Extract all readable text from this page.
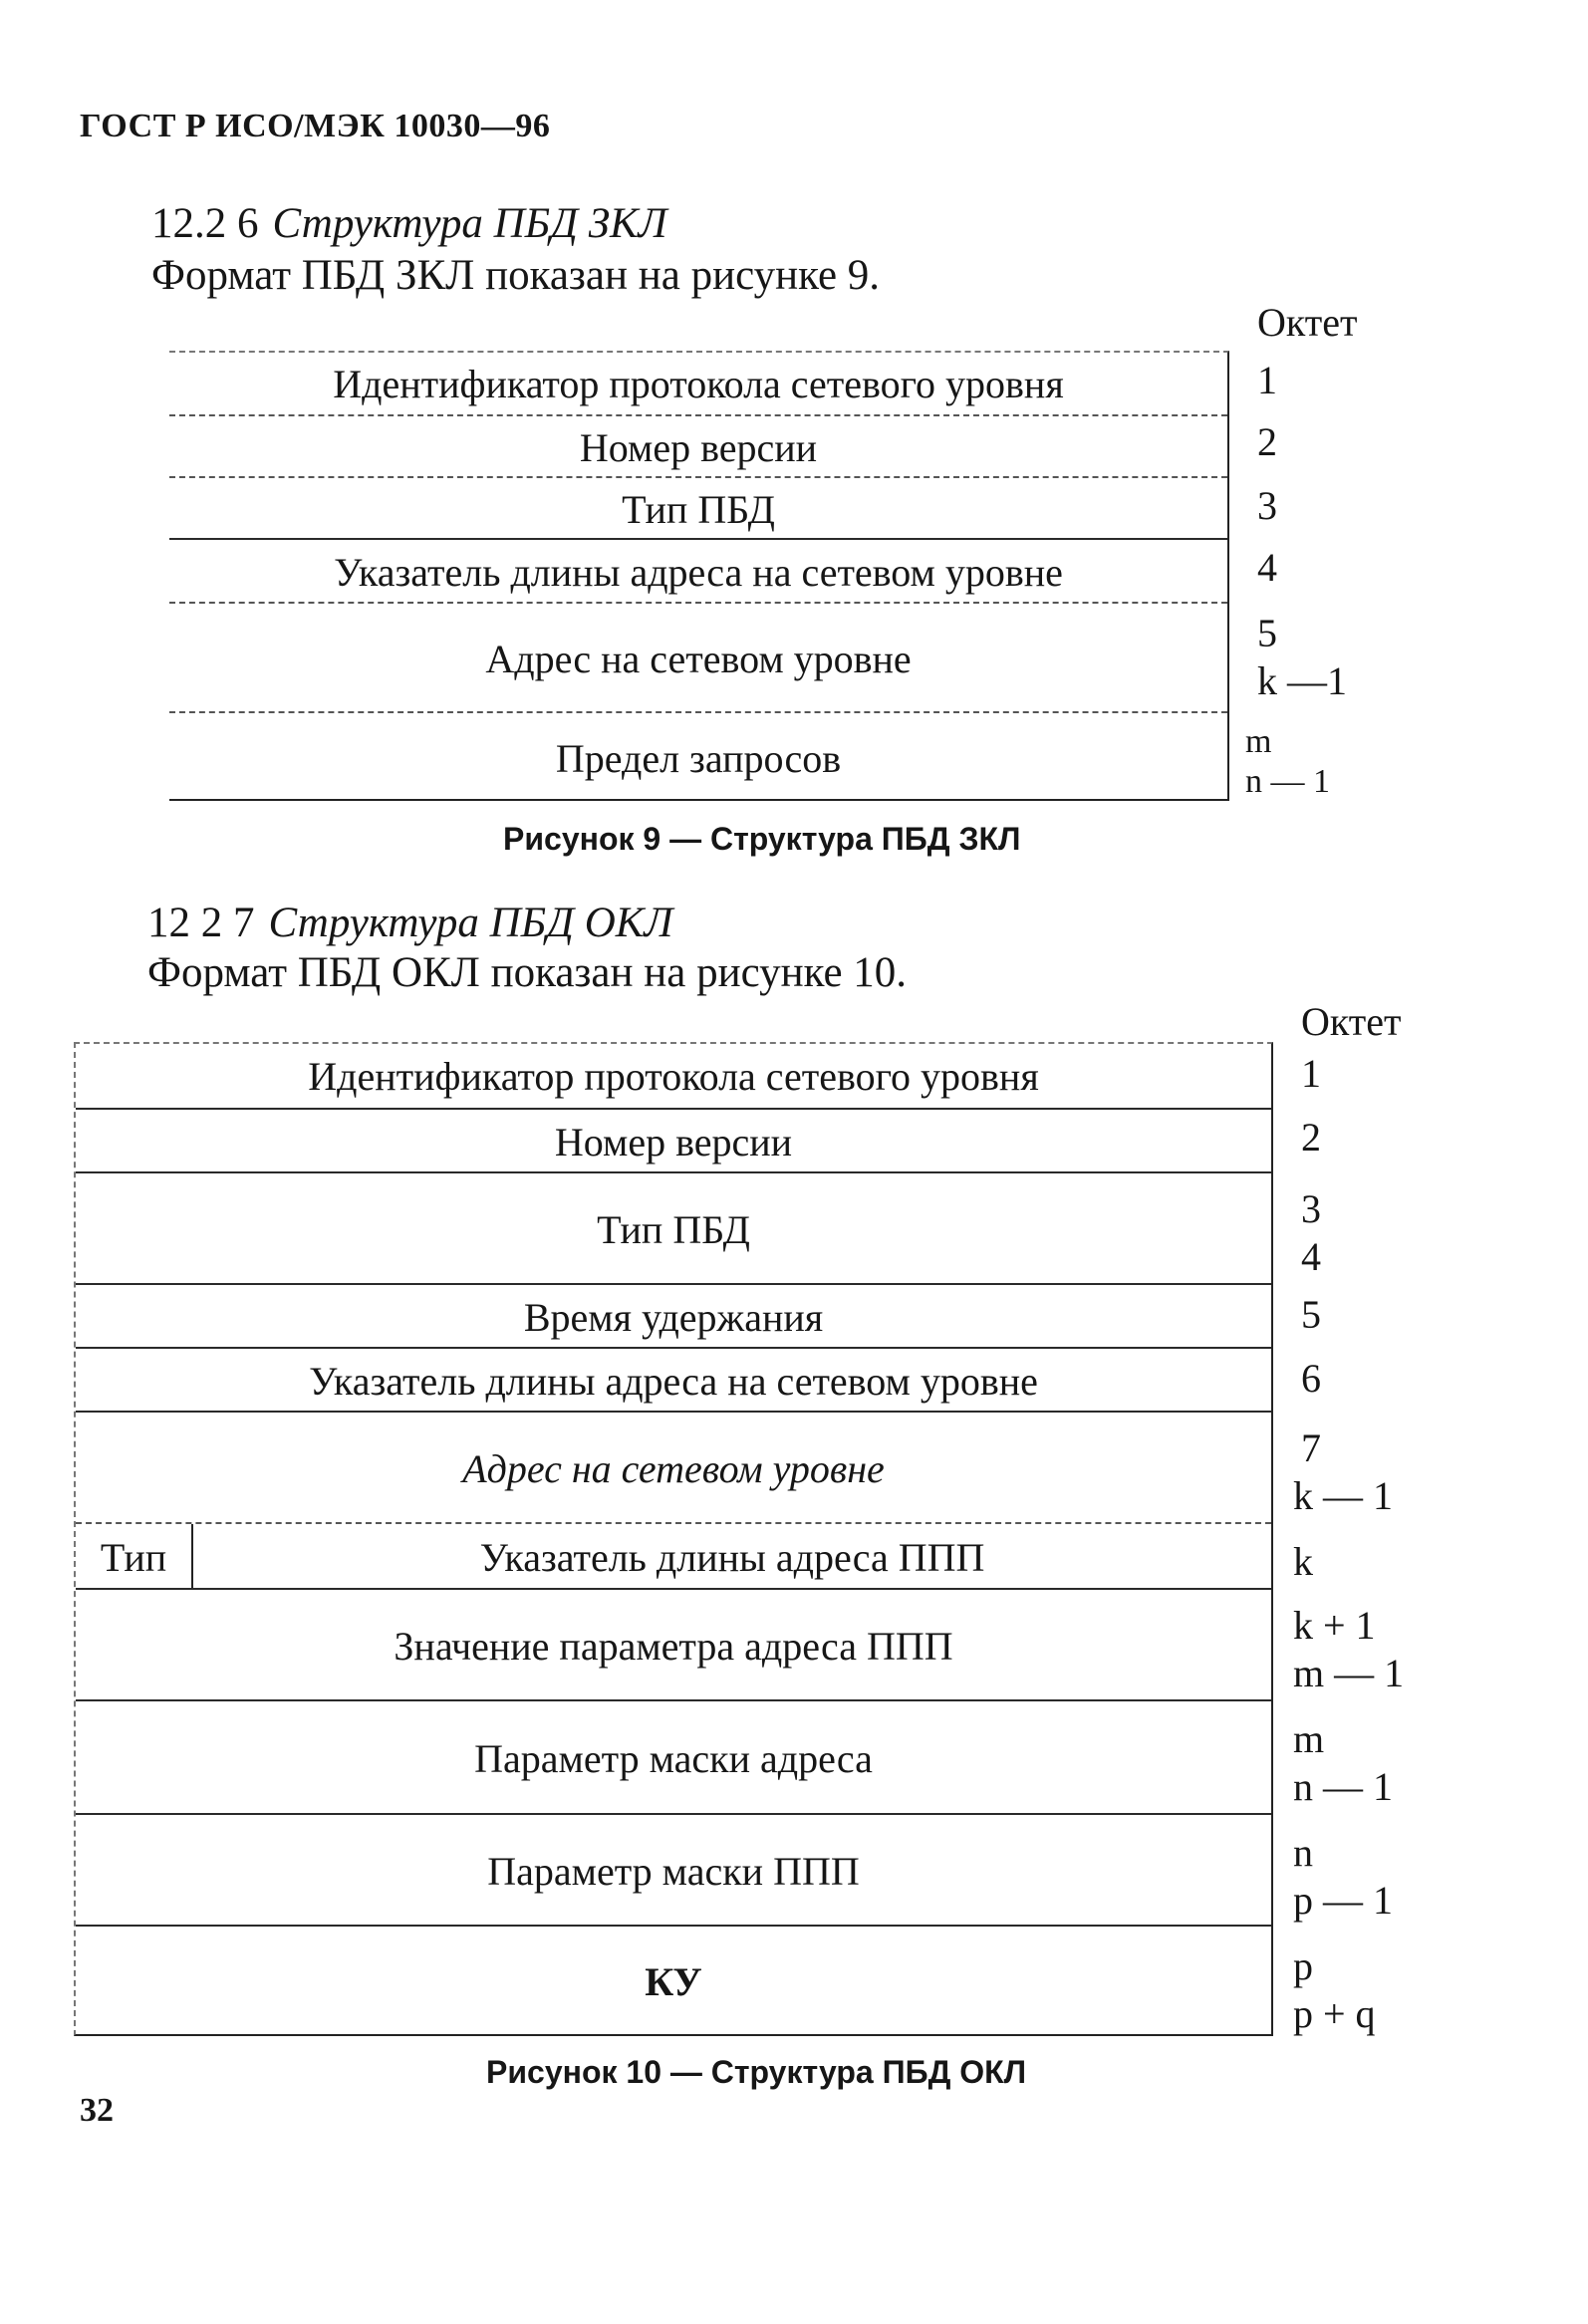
ГОСТ Р ИСО/МЭК 10030—96
12.2 6 Структура ПБД ЗКЛ
Формат ПБД ЗКЛ показан на рисунке 9.
Октет
Идентификатор протокола сетевого уровня
Номер версии
Тип ПБД
Указатель длины адреса на сетевом уровне
Адрес на сетевом уровне
Предел запросов
1
2
3
4
5
k —1
m
n — 1
Рисунок 9 — Структура ПБД ЗКЛ
12 2 7 Структура ПБД ОКЛ
Формат ПБД ОКЛ показан на рисунке 10.
Октет
Идентификатор протокола сетевого уровня
Номер версии
Тип ПБД
Время удержания
Указатель длины адреса на сетевом уровне
Адрес на сетевом уровне
Тип	Указатель длины адреса ППП
Значение параметра адреса ППП
Параметр маски адреса
Параметр маски ППП
КУ
1
2
3
4
5
6
7
k — 1
k
k + 1
m — 1
m
n — 1
n
p — 1
p
p + q
Рисунок 10 — Структура ПБД ОКЛ
32
